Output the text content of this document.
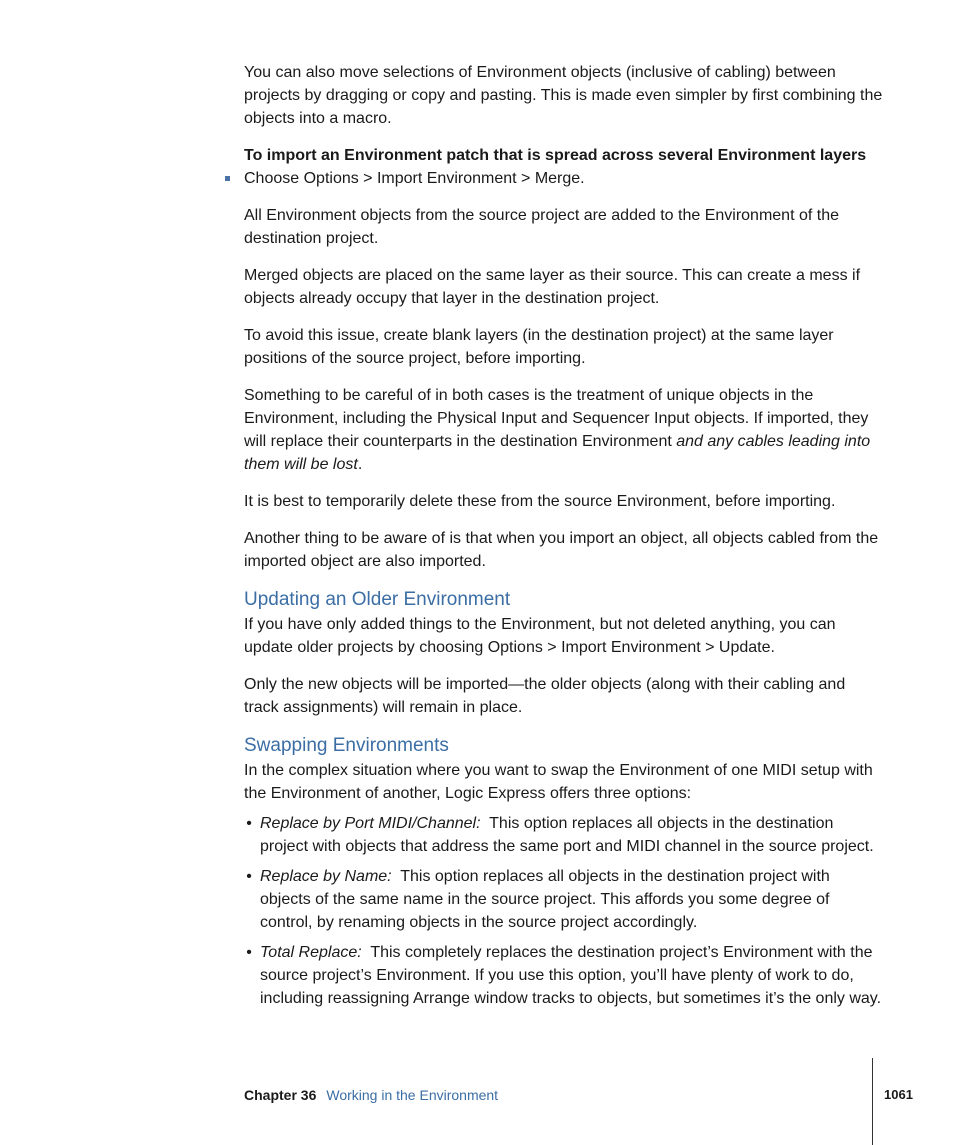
You can also move selections of Environment objects (inclusive of cabling) between projects by dragging or copy and pasting. This is made even simpler by first combining the objects into a macro.

To import an Environment patch that is spread across several Environment layers

Choose Options > Import Environment > Merge.

All Environment objects from the source project are added to the Environment of the destination project.

Merged objects are placed on the same layer as their source. This can create a mess if objects already occupy that layer in the destination project.

To avoid this issue, create blank layers (in the destination project) at the same layer positions of the source project, before importing.

Something to be careful of in both cases is the treatment of unique objects in the Environment, including the Physical Input and Sequencer Input objects. If imported, they will replace their counterparts in the destination Environment and any cables leading into them will be lost.

It is best to temporarily delete these from the source Environment, before importing.

Another thing to be aware of is that when you import an object, all objects cabled from the imported object are also imported.

Updating an Older Environment

If you have only added things to the Environment, but not deleted anything, you can update older projects by choosing Options > Import Environment > Update.

Only the new objects will be imported—the older objects (along with their cabling and track assignments) will remain in place.

Swapping Environments

In the complex situation where you want to swap the Environment of one MIDI setup with the Environment of another, Logic Express offers three options:

• Replace by Port MIDI/Channel: This option replaces all objects in the destination project with objects that address the same port and MIDI channel in the source project.
• Replace by Name: This option replaces all objects in the destination project with objects of the same name in the source project. This affords you some degree of control, by renaming objects in the source project accordingly.
• Total Replace: This completely replaces the destination project’s Environment with the source project’s Environment. If you use this option, you’ll have plenty of work to do, including reassigning Arrange window tracks to objects, but sometimes it’s the only way.
Chapter 36 Working in the Environment	1061
